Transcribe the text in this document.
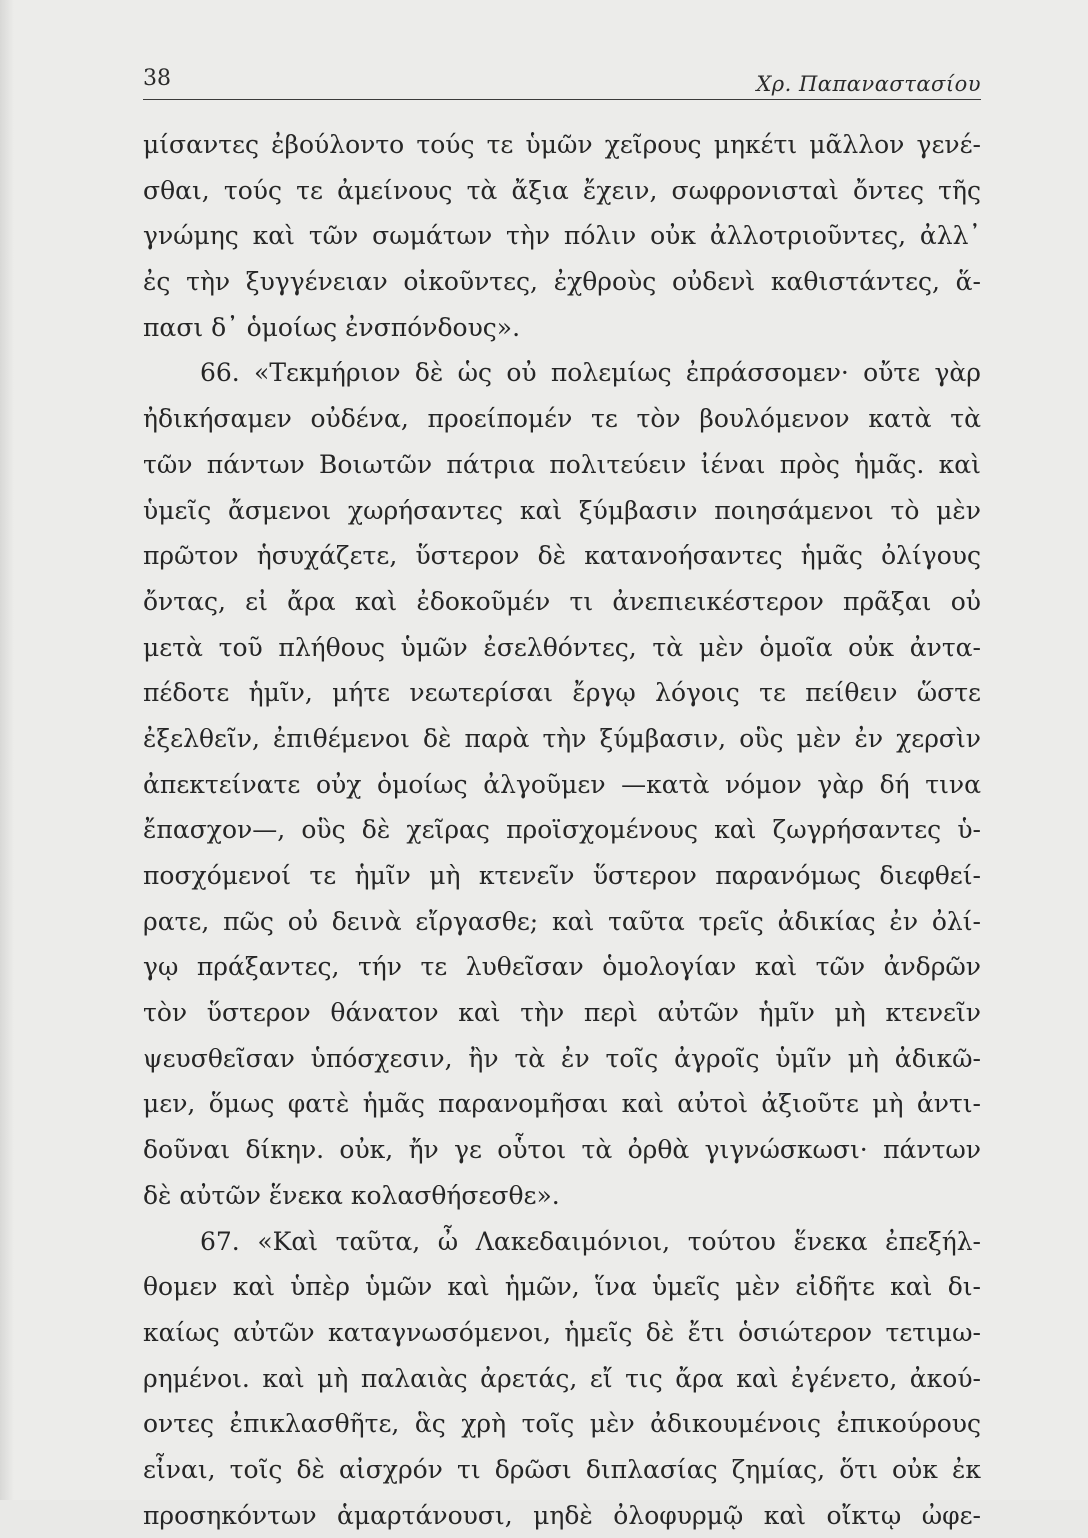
38	Χρ. Παπαναστασίου
μίσαντες ἐβούλοντο τούς τε ὑμῶν χεῖρους μηκέτι μᾶλλον γενέ-
σθαι, τούς τε ἀμείνους τὰ ἄξια ἔχειν, σωφρονισταὶ ὄντες τῆς
γνώμης καὶ τῶν σωμάτων τὴν πόλιν οὐκ ἀλλοτριοῦντες, ἀλλ᾽
ἐς τὴν ξυγγένειαν οἰκοῦντες, ἐχθροὺς οὐδενὶ καθιστάντες, ἅ-
πασι δ᾽ ὁμοίως ἐνσπόνδους».
66. «Τεκμήριον δὲ ὡς οὐ πολεμίως ἐπράσσομεν· οὔτε γὰρ
ἠδικήσαμεν οὐδένα, προείπομέν τε τὸν βουλόμενον κατὰ τὰ
τῶν πάντων Βοιωτῶν πάτρια πολιτεύειν ἰέναι πρὸς ἡμᾶς. καὶ
ὑμεῖς ἄσμενοι χωρήσαντες καὶ ξύμβασιν ποιησάμενοι τὸ μὲν
πρῶτον ἡσυχάζετε, ὕστερον δὲ κατανοήσαντες ἡμᾶς ὀλίγους
ὄντας, εἰ ἄρα καὶ ἐδοκοῦμέν τι ἀνεπιεικέστερον πρᾶξαι οὐ
μετὰ τοῦ πλήθους ὑμῶν ἐσελθόντες, τὰ μὲν ὁμοῖα οὐκ ἀντα-
πέδοτε ἡμῖν, μήτε νεωτερίσαι ἔργῳ λόγοις τε πείθειν ὥστε
ἐξελθεῖν, ἐπιθέμενοι δὲ παρὰ τὴν ξύμβασιν, οὓς μὲν ἐν χερσὶν
ἀπεκτείνατε οὐχ ὁμοίως ἀλγοῦμεν —κατὰ νόμον γὰρ δή τινα
ἔπασχον—, οὓς δὲ χεῖρας προϊσχομένους καὶ ζωγρήσαντες ὑ-
ποσχόμενοί τε ἡμῖν μὴ κτενεῖν ὕστερον παρανόμως διεφθεί-
ρατε, πῶς οὐ δεινὰ εἴργασθε; καὶ ταῦτα τρεῖς ἀδικίας ἐν ὀλί-
γῳ πράξαντες, τήν τε λυθεῖσαν ὁμολογίαν καὶ τῶν ἀνδρῶν
τὸν ὕστερον θάνατον καὶ τὴν περὶ αὐτῶν ἡμῖν μὴ κτενεῖν
ψευσθεῖσαν ὑπόσχεσιν, ἢν τὰ ἐν τοῖς ἀγροῖς ὑμῖν μὴ ἀδικῶ-
μεν, ὅμως φατὲ ἡμᾶς παρανομῆσαι καὶ αὐτοὶ ἀξιοῦτε μὴ ἀντι-
δοῦναι δίκην. οὐκ, ἤν γε οὗτοι τὰ ὀρθὰ γιγνώσκωσι· πάντων
δὲ αὐτῶν ἕνεκα κολασθήσεσθε».
67. «Καὶ ταῦτα, ὦ Λακεδαιμόνιοι, τούτου ἕνεκα ἐπεξήλ-
θομεν καὶ ὑπὲρ ὑμῶν καὶ ἡμῶν, ἵνα ὑμεῖς μὲν εἰδῆτε καὶ δι-
καίως αὐτῶν καταγνωσόμενοι, ἡμεῖς δὲ ἔτι ὁσιώτερον τετιμω-
ρημένοι. καὶ μὴ παλαιὰς ἀρετάς, εἴ τις ἄρα καὶ ἐγένετο, ἀκού-
οντες ἐπικλασθῆτε, ἃς χρὴ τοῖς μὲν ἀδικουμένοις ἐπικούρους
εἶναι, τοῖς δὲ αἰσχρόν τι δρῶσι διπλασίας ζημίας, ὅτι οὐκ ἐκ
προσηκόντων ἁμαρτάνουσι, μηδὲ ὀλοφυρμῷ καὶ οἴκτῳ ὠφε-
